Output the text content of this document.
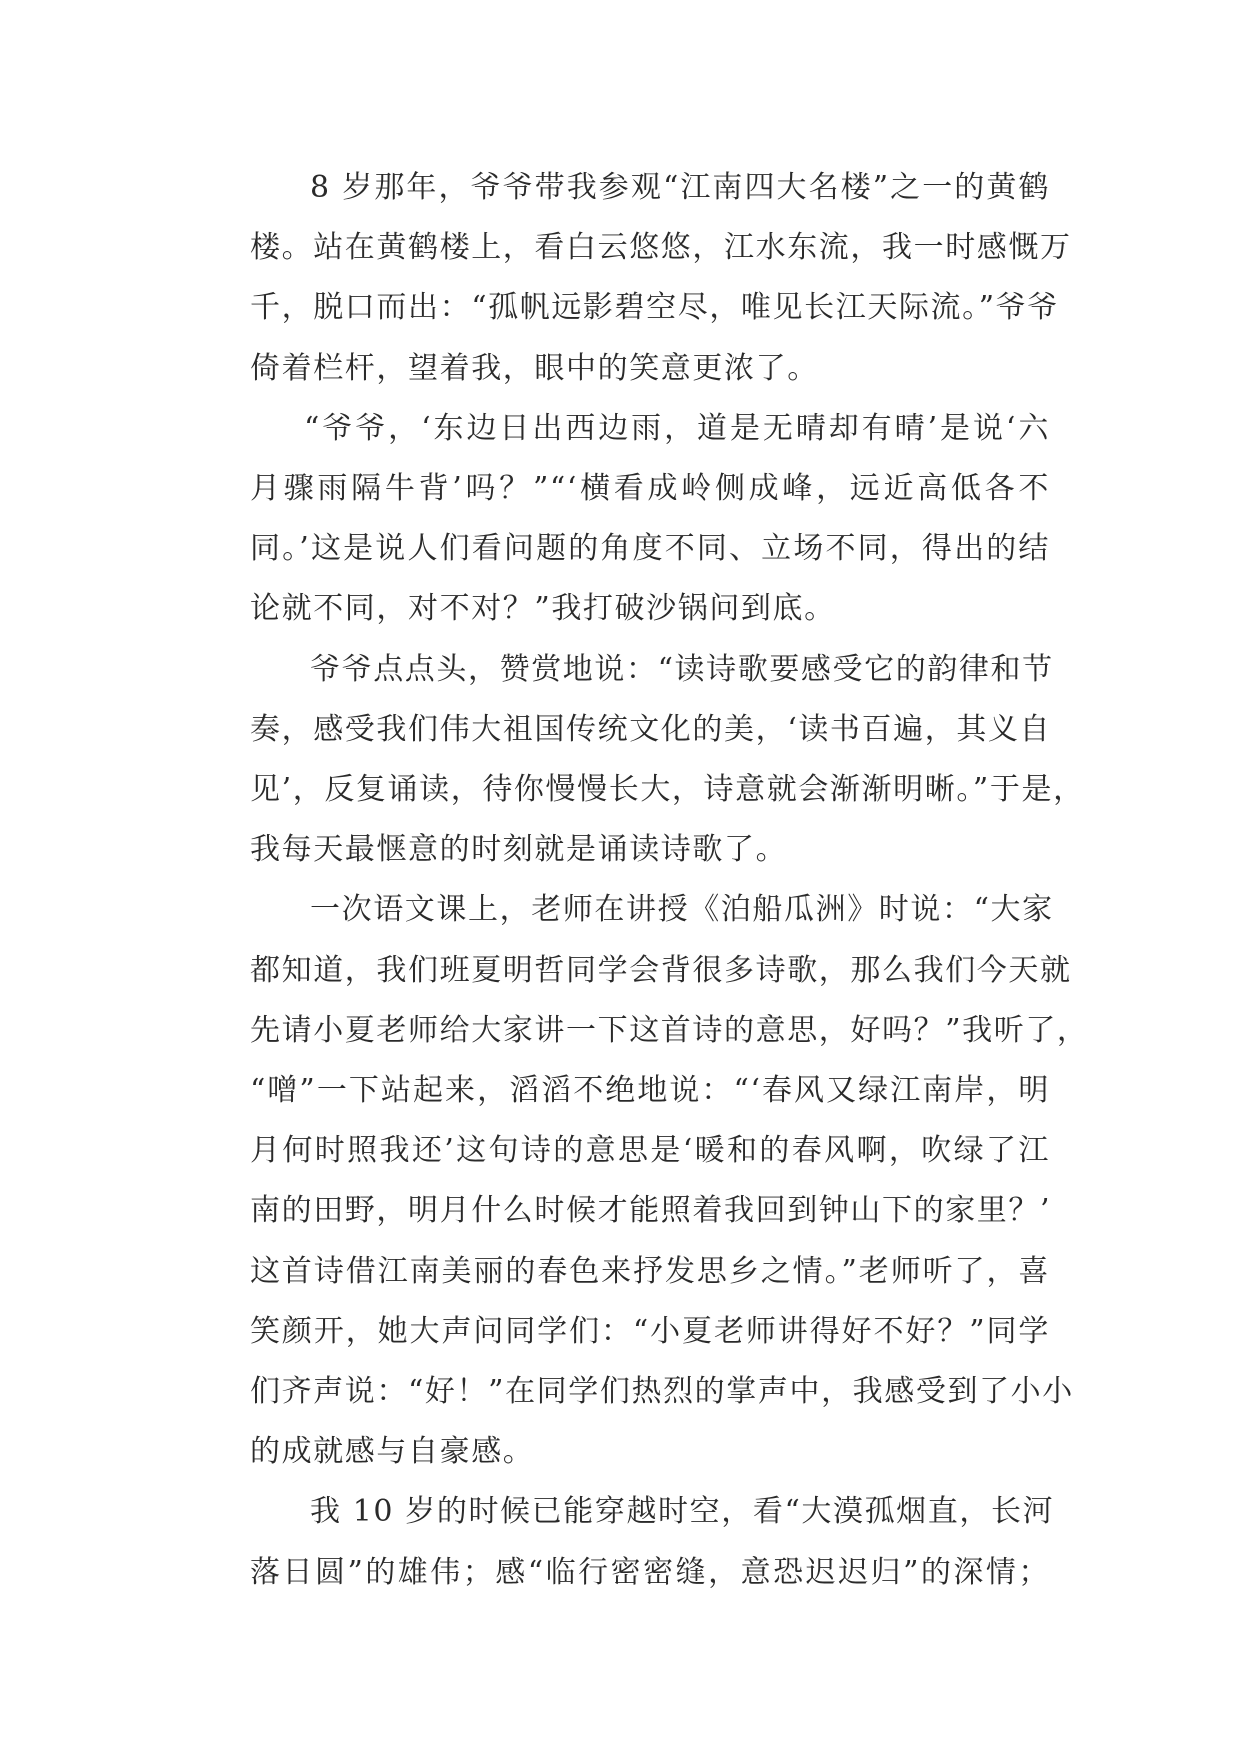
8 岁那年，爷爷带我参观“江南四大名楼”之一的黄鹤
楼。站在黄鹤楼上，看白云悠悠，江水东流，我一时感慨万
千，脱口而出：“孤帆远影碧空尽，唯见长江天际流。”爷爷
倚着栏杆，望着我，眼中的笑意更浓了。
“爷爷，‘东边日出西边雨，道是无晴却有晴’是说‘六
月骤雨隔牛背’吗？”“‘横看成岭侧成峰，远近高低各不
同。’这是说人们看问题的角度不同、立场不同，得出的结
论就不同，对不对？”我打破沙锅问到底。
爷爷点点头，赞赏地说：“读诗歌要感受它的韵律和节
奏，感受我们伟大祖国传统文化的美，‘读书百遍，其义自
见’，反复诵读，待你慢慢长大，诗意就会渐渐明晰。”于是，
我每天最惬意的时刻就是诵读诗歌了。
一次语文课上，老师在讲授《泊船瓜洲》时说：“大家
都知道，我们班夏明哲同学会背很多诗歌，那么我们今天就
先请小夏老师给大家讲一下这首诗的意思，好吗？”我听了，
“噌”一下站起来，滔滔不绝地说：“‘春风又绿江南岸，明
月何时照我还’这句诗的意思是‘暖和的春风啊，吹绿了江
南的田野，明月什么时候才能照着我回到钟山下的家里？’
这首诗借江南美丽的春色来抒发思乡之情。”老师听了，喜
笑颜开，她大声问同学们：“小夏老师讲得好不好？”同学
们齐声说：“好！”在同学们热烈的掌声中，我感受到了小小
的成就感与自豪感。
我 10 岁的时候已能穿越时空，看“大漠孤烟直，长河
落日圆”的雄伟；感“临行密密缝，意恐迟迟归”的深情；
